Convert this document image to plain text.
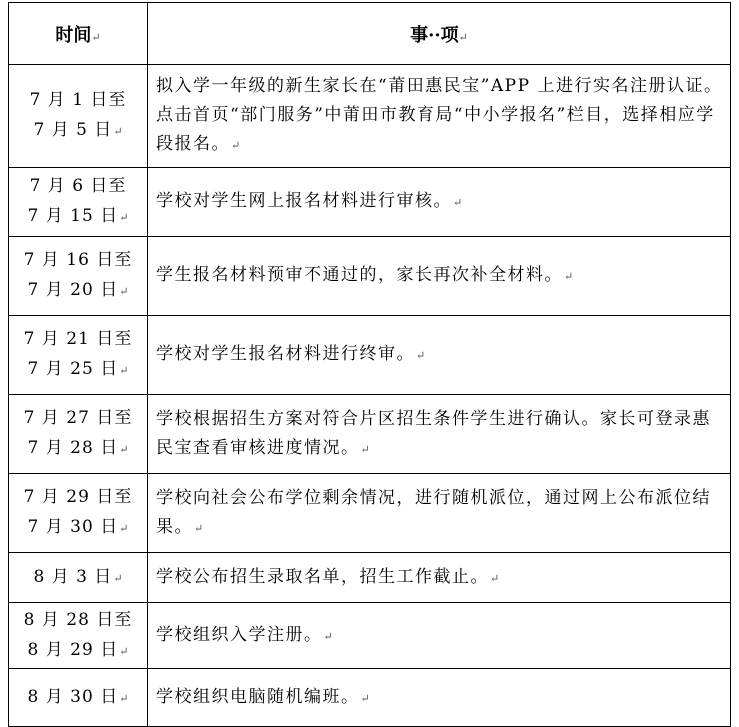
时间↵	事··项↵

7 月 1 日至
7 月 5 日↵	拟入学一年级的新生家长在“莆田惠民宝”APP 上进行实名注册认证。点击首页“部门服务”中莆田市教育局“中小学报名”栏目，选择相应学段报名。↵

7 月 6 日至
7 月 15 日↵	学校对学生网上报名材料进行审核。↵

7 月 16 日至
7 月 20 日↵	学生报名材料预审不通过的，家长再次补全材料。↵

7 月 21 日至
7 月 25 日↵	学校对学生报名材料进行终审。↵

7 月 27 日至
7 月 28 日↵	学校根据招生方案对符合片区招生条件学生进行确认。家长可登录惠民宝查看审核进度情况。↵

7 月 29 日至
7 月 30 日↵	学校向社会公布学位剩余情况，进行随机派位，通过网上公布派位结果。↵

8 月 3 日↵	学校公布招生录取名单，招生工作截止。↵

8 月 28 日至
8 月 29 日↵	学校组织入学注册。↵

8 月 30 日↵	学校组织电脑随机编班。↵
